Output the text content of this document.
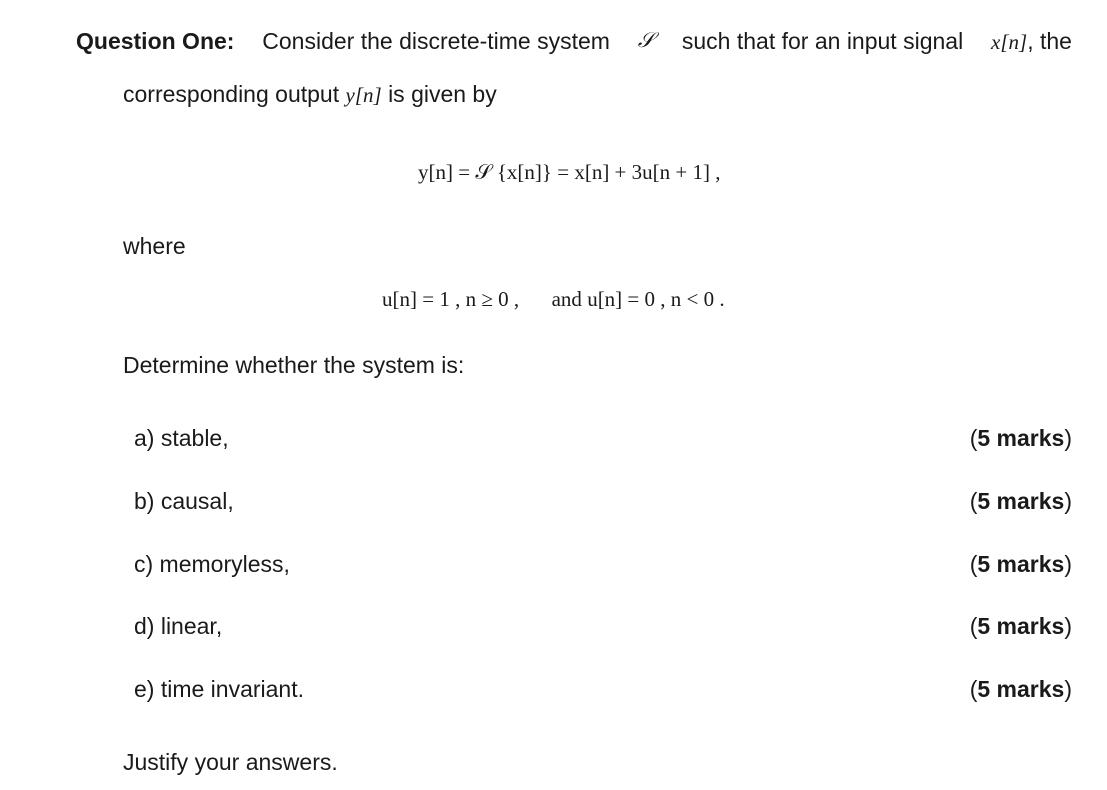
Question One: Consider the discrete-time system 𝒮 such that for an input signal x[n], the
corresponding output y[n] is given by
y[n] = 𝒮 {x[n]} = x[n] + 3u[n + 1] ,
where
u[n] = 1 , n ≥ 0 , and u[n] = 0 , n < 0 .
Determine whether the system is:
a) stable,	(5 marks)
b) causal,	(5 marks)
c) memoryless,	(5 marks)
d) linear,	(5 marks)
e) time invariant.	(5 marks)
Justify your answers.
